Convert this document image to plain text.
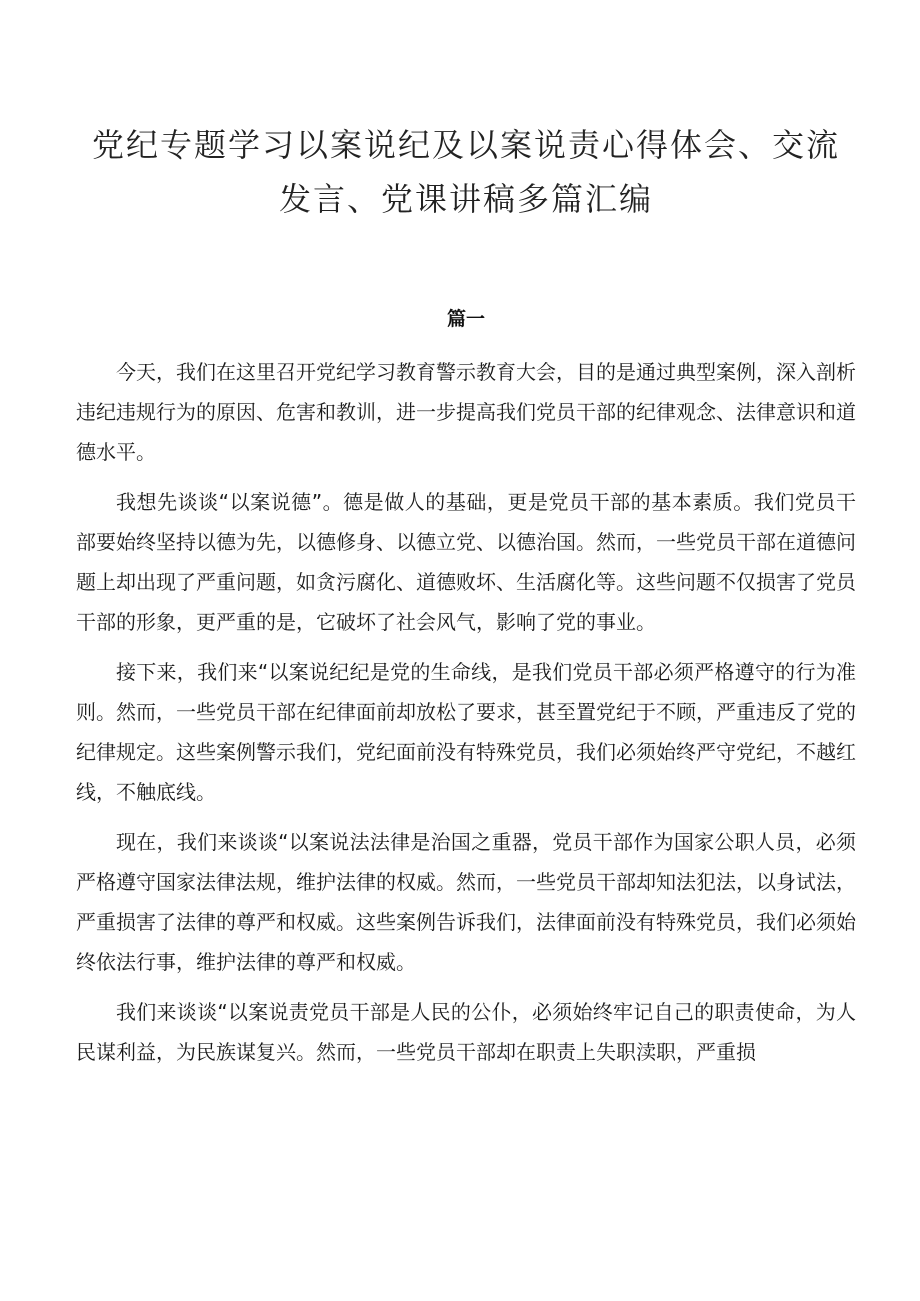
党纪专题学习以案说纪及以案说责心得体会、交流
发言、党课讲稿多篇汇编
篇一

今天，我们在这里召开党纪学习教育警示教育大会，目的是通过典型案例，深入剖析违纪违规行为的原因、危害和教训，进一步提高我们党员干部的纪律观念、法律意识和道德水平。

我想先谈谈“以案说德”。德是做人的基础，更是党员干部的基本素质。我们党员干部要始终坚持以德为先，以德修身、以德立党、以德治国。然而，一些党员干部在道德问题上却出现了严重问题，如贪污腐化、道德败坏、生活腐化等。这些问题不仅损害了党员干部的形象，更严重的是，它破坏了社会风气，影响了党的事业。

接下来，我们来“以案说纪纪是党的生命线，是我们党员干部必须严格遵守的行为准则。然而，一些党员干部在纪律面前却放松了要求，甚至置党纪于不顾，严重违反了党的纪律规定。这些案例警示我们，党纪面前没有特殊党员，我们必须始终严守党纪，不越红线，不触底线。

现在，我们来谈谈“以案说法法律是治国之重器，党员干部作为国家公职人员，必须严格遵守国家法律法规，维护法律的权威。然而，一些党员干部却知法犯法，以身试法，严重损害了法律的尊严和权威。这些案例告诉我们，法律面前没有特殊党员，我们必须始终依法行事，维护法律的尊严和权威。

我们来谈谈“以案说责党员干部是人民的公仆，必须始终牢记自己的职责使命，为人民谋利益，为民族谋复兴。然而，一些党员干部却在职责上失职渎职，严重损
